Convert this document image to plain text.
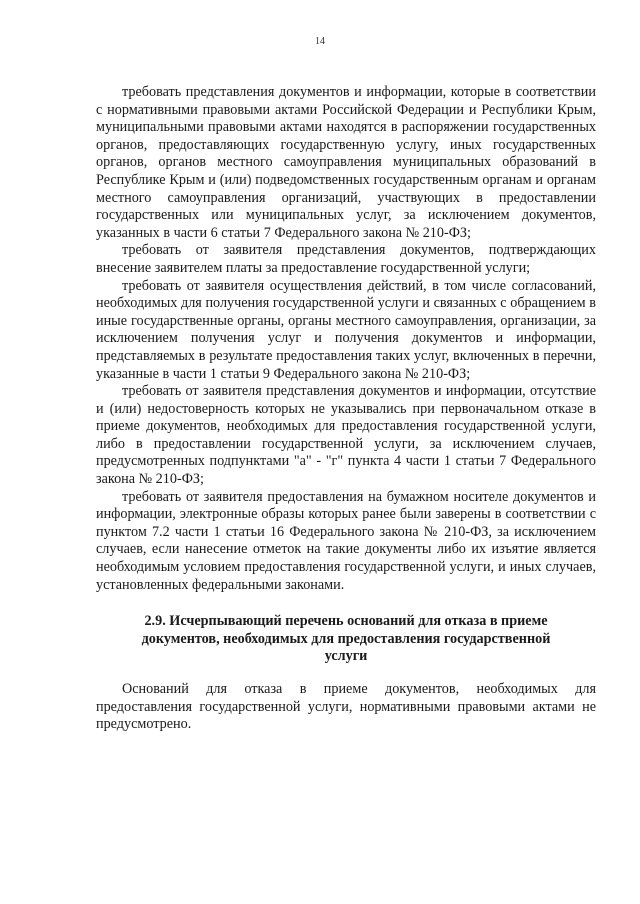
14

требовать представления документов и информации, которые в соответствии с нормативными правовыми актами Российской Федерации и Республики Крым, муниципальными правовыми актами находятся в распоряжении государственных органов, предоставляющих государственную услугу, иных государственных органов, органов местного самоуправления муниципальных образований в Республике Крым и (или) подведомственных государственным органам и органам местного самоуправления организаций, участвующих в предоставлении государственных или муниципальных услуг, за исключением документов, указанных в части 6 статьи 7 Федерального закона № 210-ФЗ;

требовать от заявителя представления документов, подтверждающих внесение заявителем платы за предоставление государственной услуги;

требовать от заявителя осуществления действий, в том числе согласований, необходимых для получения государственной услуги и связанных с обращением в иные государственные органы, органы местного самоуправления, организации, за исключением получения услуг и получения документов и информации, представляемых в результате предоставления таких услуг, включенных в перечни, указанные в части 1 статьи 9 Федерального закона № 210-ФЗ;

требовать от заявителя представления документов и информации, отсутствие и (или) недостоверность которых не указывались при первоначальном отказе в приеме документов, необходимых для предоставления государственной услуги, либо в предоставлении государственной услуги, за исключением случаев, предусмотренных подпунктами "а" - "г" пункта 4 части 1 статьи 7 Федерального закона № 210-ФЗ;

требовать от заявителя предоставления на бумажном носителе документов и информации, электронные образы которых ранее были заверены в соответствии с пунктом 7.2 части 1 статьи 16 Федерального закона № 210-ФЗ, за исключением случаев, если нанесение отметок на такие документы либо их изъятие является необходимым условием предоставления государственной услуги, и иных случаев, установленных федеральными законами.

2.9. Исчерпывающий перечень оснований для отказа в приеме документов, необходимых для предоставления государственной услуги

Оснований для отказа в приеме документов, необходимых для предоставления государственной услуги, нормативными правовыми актами не предусмотрено.
